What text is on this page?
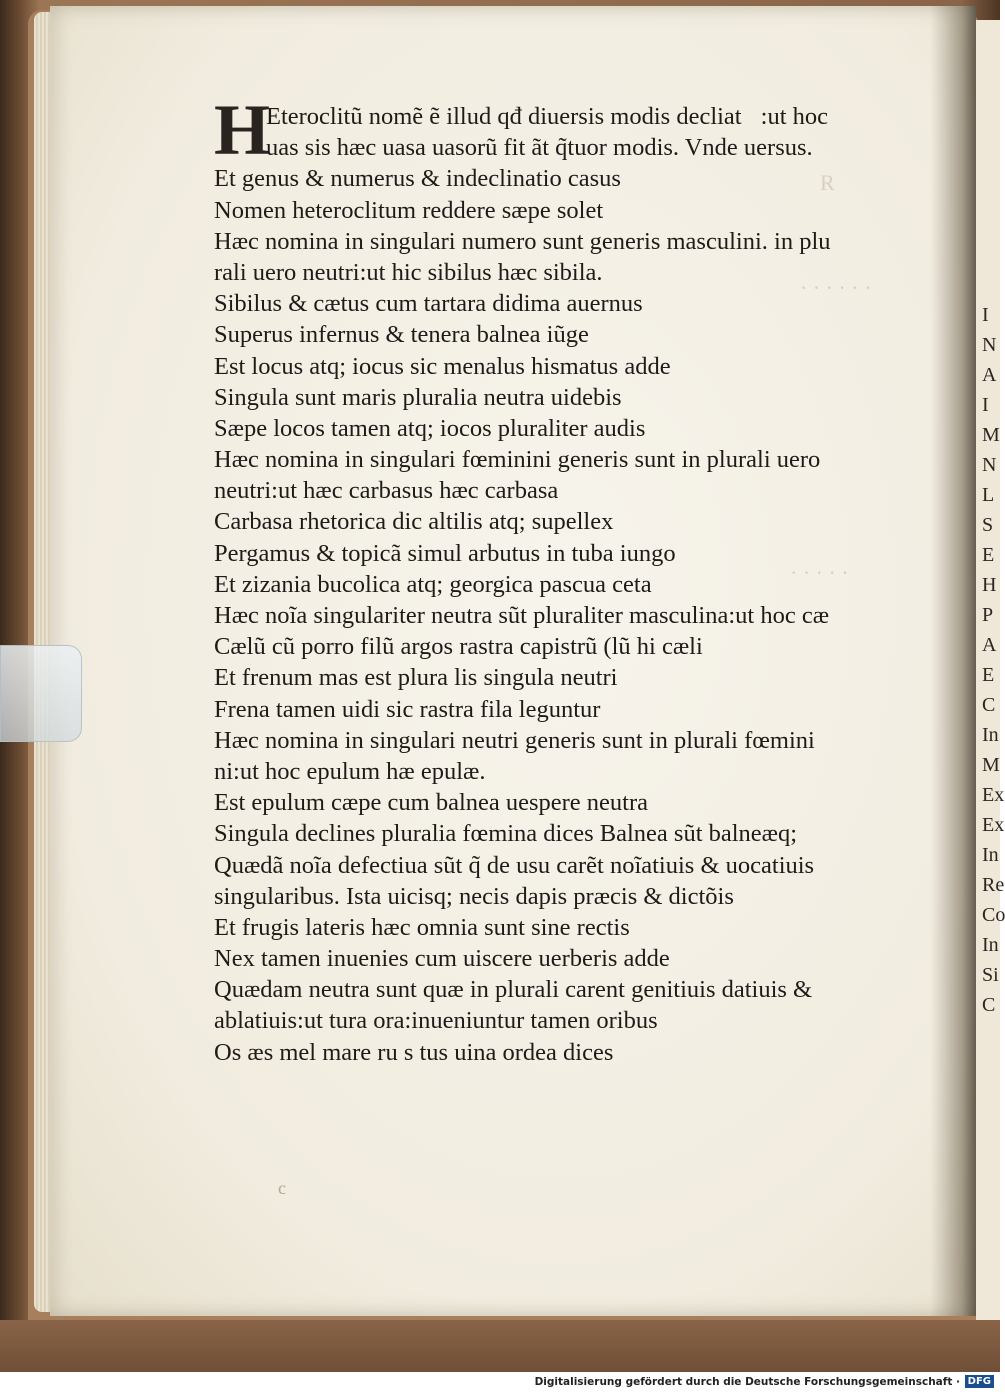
R
· · · · · ·
· · · · ·
I
N
A
I
M
N
L
S
E
H
P
A
E
C
In
M
Ex
Ex
In
Re
Co
In
Si
C
H
Eteroclitũ nomẽ ẽ illud qđ diuersis modis decliat᷑:ut hoc
uas sis hæc uasa uasorũ fit ãt q̃tuor modis. Vnde uersus.
Et genus & numerus & indeclinatio casus
Nomen heteroclitum reddere sæpe solet
Hæc nomina in singulari numero sunt generis masculini. in plu
rali uero neutri:ut hic sibilus hæc sibila.
Sibilus & cætus cum tartara didima auernus
Superus infernus & tenera balnea iũge
Est locus atq; iocus sic menalus hismatus adde
Singula sunt maris pluralia neutra uidebis
Sæpe locos tamen atq; iocos pluraliter audis
Hæc nomina in singulari fœminini generis sunt in plurali uero
neutri:ut hæc carbasus hæc carbasa
Carbasa rhetorica dic altilis atq; supellex
Pergamus & topicã simul arbutus in tuba iungo
Et zizania bucolica atq; georgica pascua ceta
Hæc noĩa singulariter neutra sũt pluraliter masculina:ut hoc cæ
Cælũ cũ porro filũ argos rastra capistrũ (lũ hi cæli
Et frenum mas est plura lis singula neutri
Frena tamen uidi sic rastra fila leguntur
Hæc nomina in singulari neutri generis sunt in plurali fœmini
ni:ut hoc epulum hæ epulæ.
Est epulum cæpe cum balnea uespere neutra
Singula declines pluralia fœmina dices Balnea sũt balneæq;
Quædã noĩa defectiua sũt q̃ de usu carẽt noĩatiuis & uocatiuis
singularibus. Ista uicisq; necis dapis præcis & dictõis
Et frugis lateris hæc omnia sunt sine rectis
Nex tamen inuenies cum uiscere uerberis adde
Quædam neutra sunt quæ in plurali carent genitiuis datiuis &
ablatiuis:ut tura ora:inueniuntur tamen oribus
Os æs mel mare ru s tus uina ordea dices
c
Digitalisierung gefördert durch die Deutsche Forschungsgemeinschaft · DFG
